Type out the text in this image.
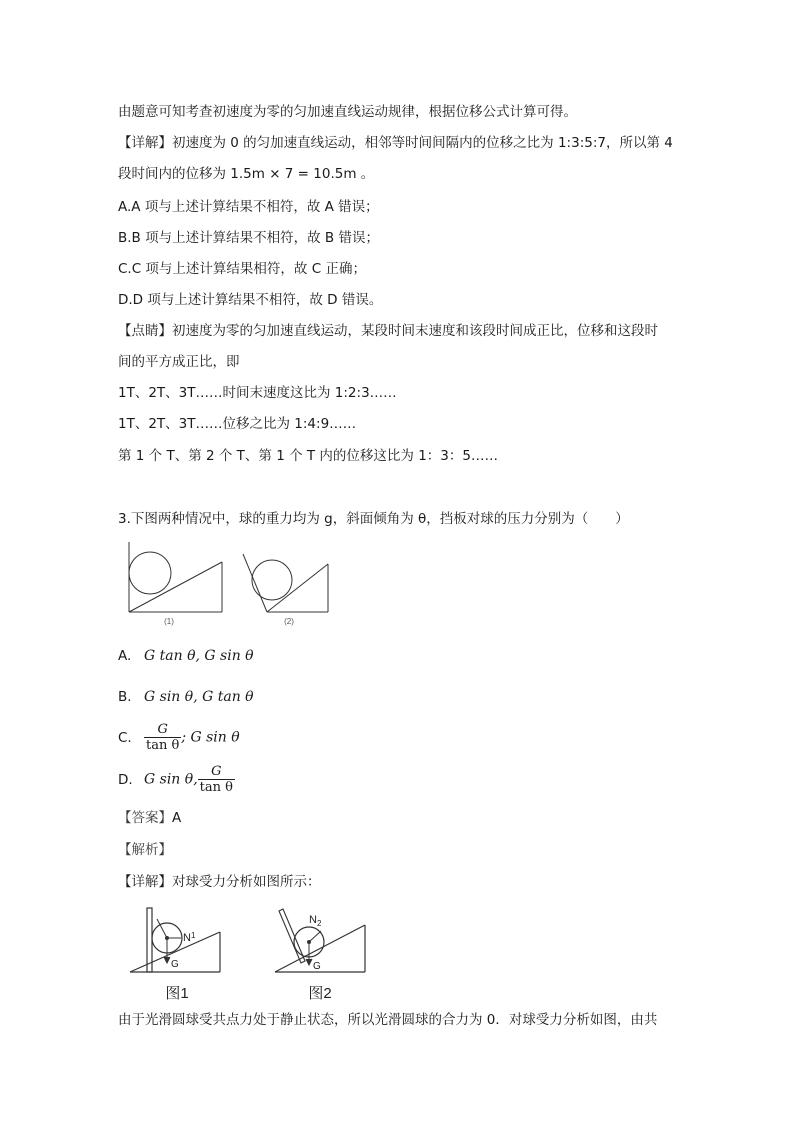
由题意可知考查初速度为零的匀加速直线运动规律，根据位移公式计算可得。
【详解】初速度为 0 的匀加速直线运动，相邻等时间间隔内的位移之比为 1:3:5:7，所以第 4
段时间内的位移为 1.5m × 7 = 10.5m 。
A.A 项与上述计算结果不相符，故 A 错误；
B.B 项与上述计算结果不相符，故 B 错误；
C.C 项与上述计算结果相符，故 C 正确；
D.D 项与上述计算结果不相符，故 D 错误。
【点睛】初速度为零的匀加速直线运动，某段时间末速度和该段时间成正比，位移和这段时
间的平方成正比，即
1T、2T、3T……时间末速度这比为 1:2:3……
1T、2T、3T……位移之比为 1:4:9……
第 1 个 T、第 2 个 T、第 1 个 T 内的位移这比为 1：3：5……
3.下图两种情况中，球的重力均为 g，斜面倾角为 θ，挡板对球的压力分别为（　　）
(1)	(2)
A. G tan θ, G sin θ
B. G sin θ, G tan θ
C. $\frac{G}{\text{tan θ}}$ ; G sin θ
D. G sin θ, $\frac{G}{\text{tan θ}}$
【答案】A
【解析】
【详解】对球受力分析如图所示：
$N^1$
G
图1
$N_2$
G
图2
由于光滑圆球受共点力处于静止状态，所以光滑圆球的合力为 0．对球受力分析如图，由共
